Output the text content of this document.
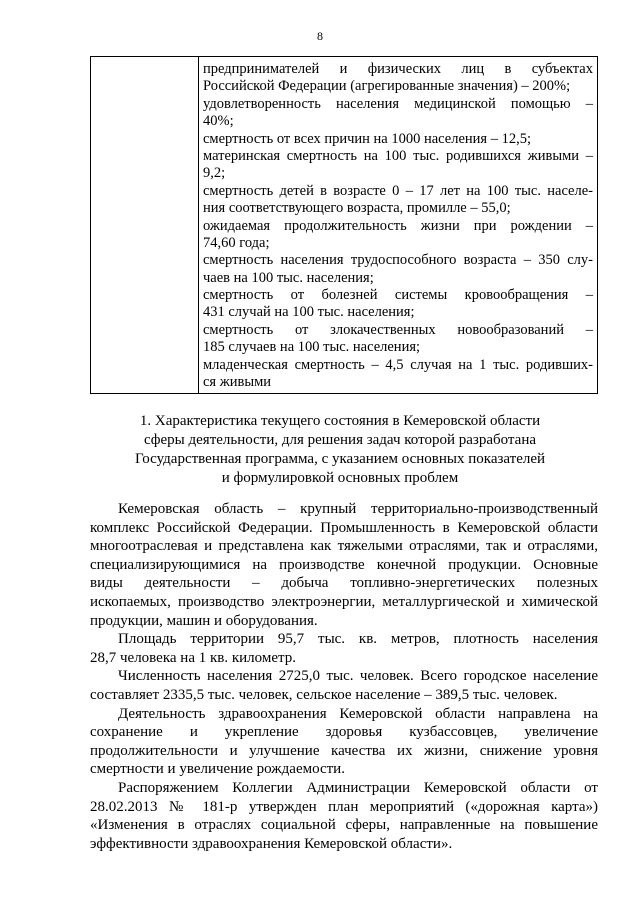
8
предпринимателей и физических лиц в субъектах
Российской Федерации (агрегированные значения) – 200%;
удовлетворенность населения медицинской помощью –
40%;
смертность от всех причин на 1000 населения – 12,5;
материнская смертность на 100 тыс. родившихся живыми –
9,2;
смертность детей в возрасте 0 – 17 лет на 100 тыс. населе-
ния соответствующего возраста, промилле – 55,0;
ожидаемая продолжительность жизни при рождении –
74,60 года;
смертность населения трудоспособного возраста – 350 слу-
чаев на 100 тыс. населения;
смертность от болезней системы кровообращения –
431 случай на 100 тыс. населения;
смертность от злокачественных новообразований –
185 случаев на 100 тыс. населения;
младенческая смертность – 4,5 случая на 1 тыс. родивших-
ся живыми
1. Характеристика текущего состояния в Кемеровской области
сферы деятельности, для решения задач которой разработана
Государственная программа, с указанием основных показателей
и формулировкой основных проблем
Кемеровская область – крупный территориально-производственный
комплекс Российской Федерации. Промышленность в Кемеровской области
многоотраслевая и представлена как тяжелыми отраслями, так и отраслями,
специализирующимися на производстве конечной продукции. Основные
виды деятельности – добыча топливно-энергетических полезных
ископаемых, производство электроэнергии, металлургической и химической
продукции, машин и оборудования.
Площадь территории 95,7 тыс. кв. метров, плотность населения
28,7 человека на 1 кв. километр.
Численность населения 2725,0 тыс. человек. Всего городское население
составляет 2335,5 тыс. человек, сельское население – 389,5 тыс. человек.
Деятельность здравоохранения Кемеровской области направлена на
сохранение и укрепление здоровья кузбассовцев, увеличение
продолжительности и улучшение качества их жизни, снижение уровня
смертности и увеличение рождаемости.
Распоряжением Коллегии Администрации Кемеровской области от
28.02.2013 № 181-р утвержден план мероприятий («дорожная карта»)
«Изменения в отраслях социальной сферы, направленные на повышение
эффективности здравоохранения Кемеровской области».
